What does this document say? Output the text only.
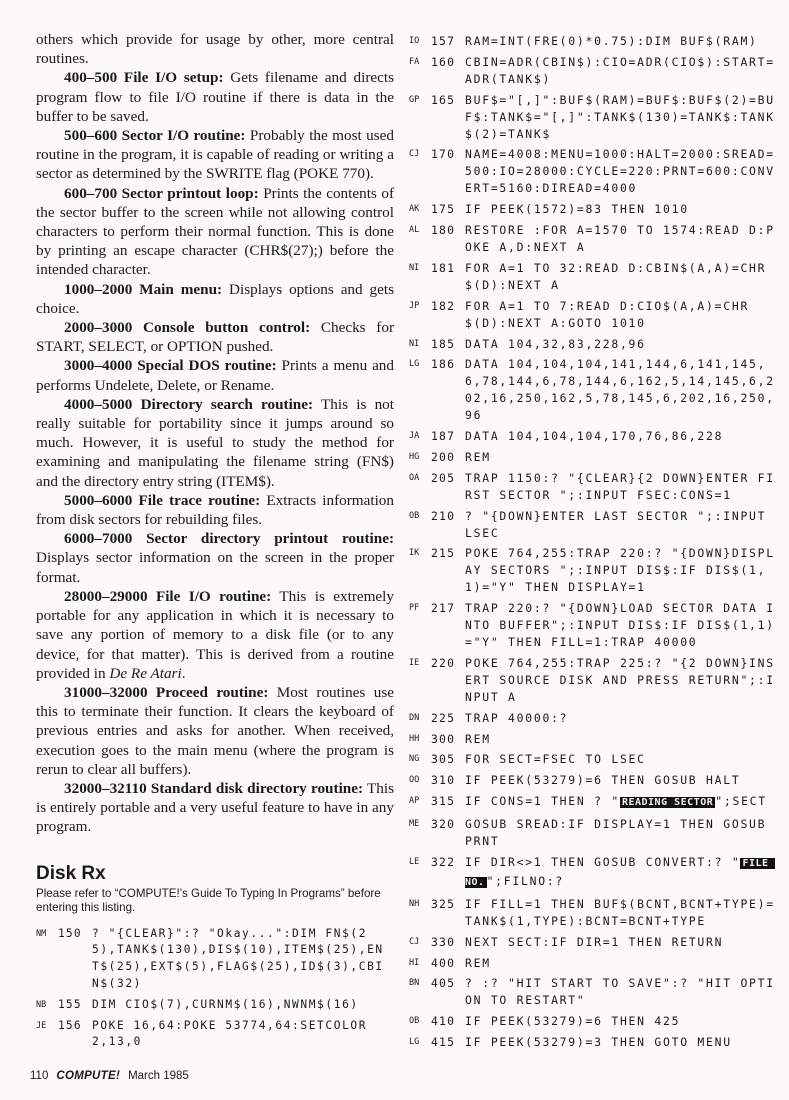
others which provide for usage by other, more central routines.

400–500 File I/O setup: Gets filename and directs program flow to file I/O routine if there is data in the buffer to be saved.

500–600 Sector I/O routine: Probably the most used routine in the program, it is capable of reading or writing a sector as determined by the SWRITE flag (POKE 770).

600–700 Sector printout loop: Prints the contents of the sector buffer to the screen while not allowing control characters to perform their normal function. This is done by printing an escape character (CHR$(27);) before the intended character.

1000–2000 Main menu: Displays options and gets choice.

2000–3000 Console button control: Checks for START, SELECT, or OPTION pushed.

3000–4000 Special DOS routine: Prints a menu and performs Undelete, Delete, or Rename.

4000–5000 Directory search routine: This is not really suitable for portability since it jumps around so much. However, it is useful to study the method for examining and manipulating the filename string (FN$) and the directory entry string (ITEM$).

5000–6000 File trace routine: Extracts information from disk sectors for rebuilding files.

6000–7000 Sector directory printout routine: Displays sector information on the screen in the proper format.

28000–29000 File I/O routine: This is extremely portable for any application in which it is necessary to save any portion of memory to a disk file (or to any device, for that matter). This is derived from a routine provided in De Re Atari.

31000–32000 Proceed routine: Most routines use this to terminate their function. It clears the keyboard of previous entries and asks for another. When received, execution goes to the main menu (where the program is rerun to clear all buffers).

32000–32110 Standard disk directory routine: This is entirely portable and a very useful feature to have in any program.

Disk Rx
Please refer to “COMPUTE!’s Guide To Typing In Programs” before entering this listing.
NM	150 ? "{CLEAR}":? "Okay...":DIM FN$(25),TANK$(130),DIS$(10),ITEM$(25),ENT$(25),EXT$(5),FLAG$(25),ID$(3),CBIN$(32)
NB	155 DIM CIO$(7),CURNM$(16),NWNM$(16)
JE	156 POKE 16,64:POKE 53774,64:SETCOLOR 2,13,0
IO	157 RAM=INT(FRE(0)*0.75):DIM BUF$(RAM)
FA	160 CBIN=ADR(CBIN$):CIO=ADR(CIO$):START=ADR(TANK$)
GP	165 BUF$="[,]":BUF$(RAM)=BUF$:BUF$(2)=BUF$:TANK$="[,]":TANK$(130)=TANK$:TANK$(2)=TANK$
CJ	170 NAME=4008:MENU=1000:HALT=2000:SREAD=500:IO=28000:CYCLE=220:PRNT=600:CONVERT=5160:DIREAD=4000
AK	175 IF PEEK(1572)=83 THEN 1010
AL	180 RESTORE :FOR A=1570 TO 1574:READ D:POKE A,D:NEXT A
NI	181 FOR A=1 TO 32:READ D:CBIN$(A,A)=CHR$(D):NEXT A
JP	182 FOR A=1 TO 7:READ D:CIO$(A,A)=CHR$(D):NEXT A:GOTO 1010
NI	185 DATA 104,32,83,228,96
LG	186 DATA 104,104,104,141,144,6,141,145,6,78,144,6,78,144,6,162,5,14,145,6,202,16,250,162,5,78,145,6,202,16,250,96
JA	187 DATA 104,104,104,170,76,86,228
HG	200 REM
OA	205 TRAP 1150:? "{CLEAR}{2 DOWN}ENTER FIRST SECTOR ";:INPUT FSEC:CONS=1
OB	210 ? "{DOWN}ENTER LAST SECTOR ";:INPUT LSEC
IK	215 POKE 764,255:TRAP 220:? "{DOWN}DISPLAY SECTORS ";:INPUT DIS$:IF DIS$(1,1)="Y" THEN DISPLAY=1
PF	217 TRAP 220:? "{DOWN}LOAD SECTOR DATA INTO BUFFER";:INPUT DIS$:IF DIS$(1,1)="Y" THEN FILL=1:TRAP 40000
IE	220 POKE 764,255:TRAP 225:? "{2 DOWN}INSERT SOURCE DISK AND PRESS RETURN";:INPUT A
DN	225 TRAP 40000:?
HH	300 REM
NG	305 FOR SECT=FSEC TO LSEC
OO	310 IF PEEK(53279)=6 THEN GOSUB HALT
AP	315 IF CONS=1 THEN ? " READING SECTOR ";SECT
ME	320 GOSUB SREAD:IF DISPLAY=1 THEN GOSUB PRNT
LE	322 IF DIR<>1 THEN GOSUB CONVERT:? " FILE NO. ";FILNO:?
NH	325 IF FILL=1 THEN BUF$(BCNT,BCNT+TYPE)=TANK$(1,TYPE):BCNT=BCNT+TYPE
CJ	330 NEXT SECT:IF DIR=1 THEN RETURN
HI	400 REM
BN	405 ? :? "HIT START TO SAVE":? "HIT OPTION TO RESTART"
OB	410 IF PEEK(53279)=6 THEN 425
LG	415 IF PEEK(53279)=3 THEN GOTO MENU
110 COMPUTE! March 1985
